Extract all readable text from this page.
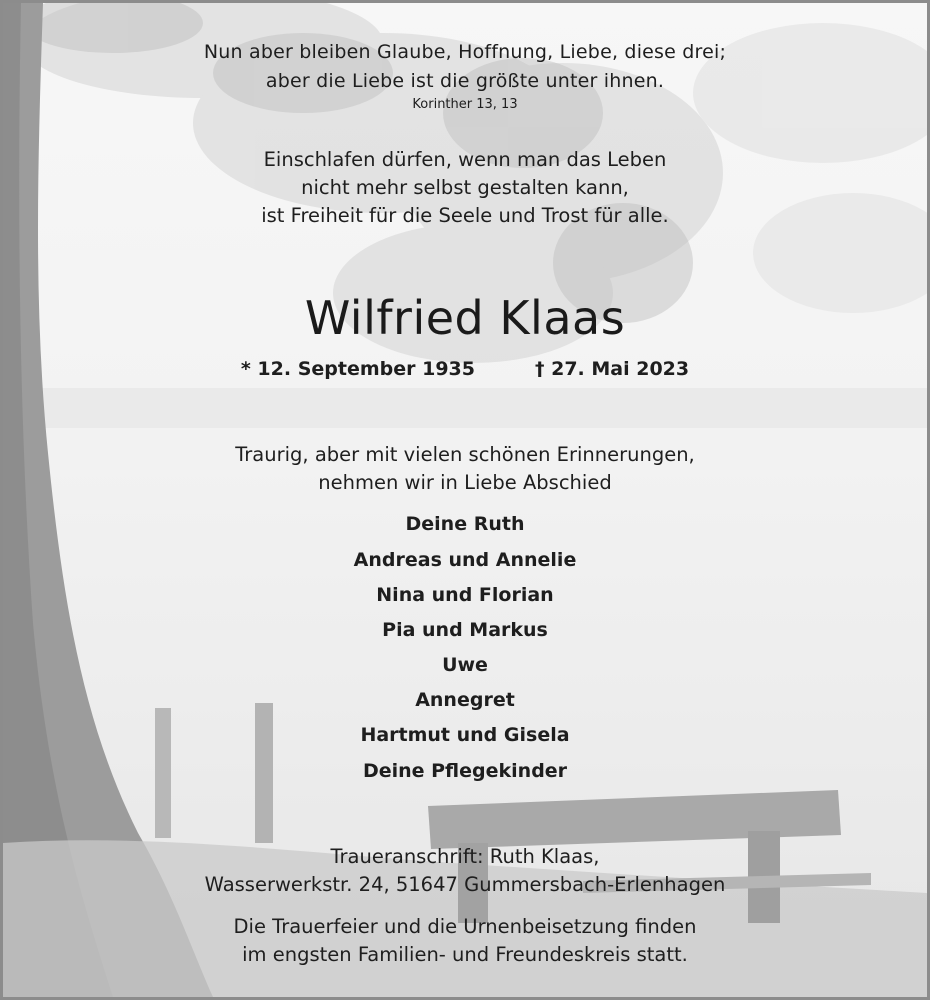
Nun aber bleiben Glaube, Hoffnung, Liebe, diese drei;
aber die Liebe ist die größte unter ihnen.
Korinther 13, 13
Einschlafen dürfen, wenn man das Leben
nicht mehr selbst gestalten kann,
ist Freiheit für die Seele und Trost für alle.
Wilfried Klaas
* 12. September 1935	† 27. Mai 2023
Traurig, aber mit vielen schönen Erinnerungen,
nehmen wir in Liebe Abschied
Deine Ruth
Andreas und Annelie
Nina und Florian
Pia und Markus
Uwe
Annegret
Hartmut und Gisela
Deine Pflegekinder
Traueranschrift: Ruth Klaas,
Wasserwerkstr. 24, 51647 Gummersbach-Erlenhagen
Die Trauerfeier und die Urnenbeisetzung finden
im engsten Familien- und Freundeskreis statt.
